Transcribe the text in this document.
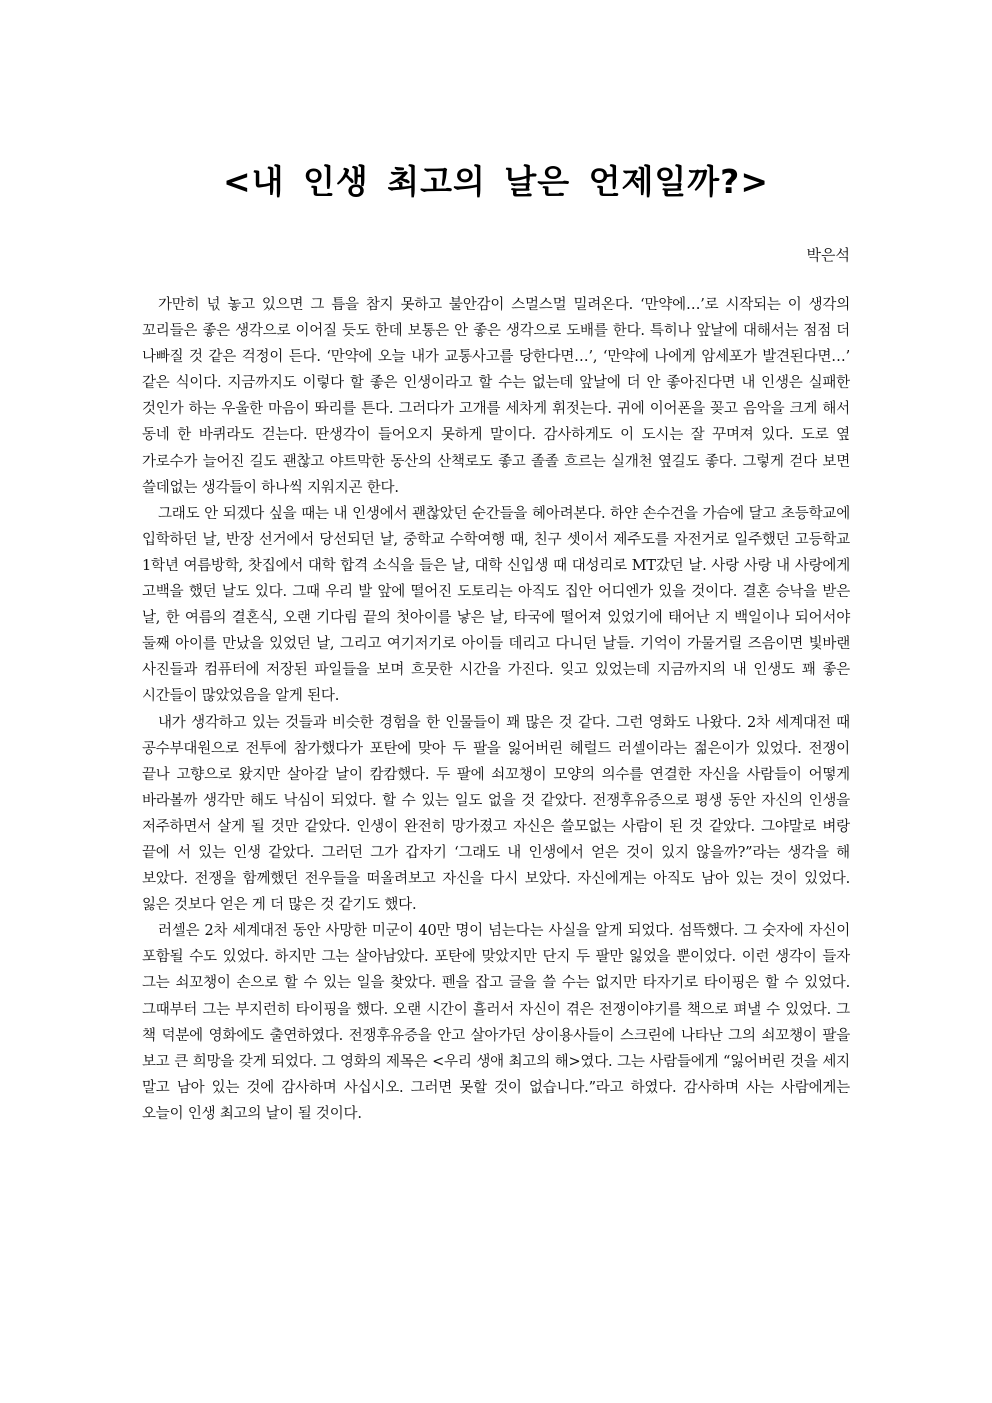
<내 인생 최고의 날은 언제일까?>
박은석

가만히 넋 놓고 있으면 그 틈을 참지 못하고 불안감이 스멀스멀 밀려온다. ‘만약에…’로 시작되는 이 생각의 꼬리들은 좋은 생각으로 이어질 듯도 한데 보통은 안 좋은 생각으로 도배를 한다. 특히나 앞날에 대해서는 점점 더 나빠질 것 같은 걱정이 든다. ‘만약에 오늘 내가 교통사고를 당한다면…’, ‘만약에 나에게 암세포가 발견된다면…’ 같은 식이다. 지금까지도 이렇다 할 좋은 인생이라고 할 수는 없는데 앞날에 더 안 좋아진다면 내 인생은 실패한 것인가 하는 우울한 마음이 똬리를 튼다. 그러다가 고개를 세차게 휘젓는다. 귀에 이어폰을 꽂고 음악을 크게 해서 동네 한 바퀴라도 걷는다. 딴생각이 들어오지 못하게 말이다. 감사하게도 이 도시는 잘 꾸며져 있다. 도로 옆 가로수가 늘어진 길도 괜찮고 야트막한 동산의 산책로도 좋고 졸졸 흐르는 실개천 옆길도 좋다. 그렇게 걷다 보면 쓸데없는 생각들이 하나씩 지워지곤 한다.

그래도 안 되겠다 싶을 때는 내 인생에서 괜찮았던 순간들을 헤아려본다. 하얀 손수건을 가슴에 달고 초등학교에 입학하던 날, 반장 선거에서 당선되던 날, 중학교 수학여행 때, 친구 셋이서 제주도를 자전거로 일주했던 고등학교 1학년 여름방학, 찻집에서 대학 합격 소식을 들은 날, 대학 신입생 때 대성리로 MT갔던 날. 사랑 사랑 내 사랑에게 고백을 했던 날도 있다. 그때 우리 발 앞에 떨어진 도토리는 아직도 집안 어디엔가 있을 것이다. 결혼 승낙을 받은 날, 한 여름의 결혼식, 오랜 기다림 끝의 첫아이를 낳은 날, 타국에 떨어져 있었기에 태어난 지 백일이나 되어서야 둘째 아이를 만났을 있었던 날, 그리고 여기저기로 아이들 데리고 다니던 날들. 기억이 가물거릴 즈음이면 빛바랜 사진들과 컴퓨터에 저장된 파일들을 보며 흐뭇한 시간을 가진다. 잊고 있었는데 지금까지의 내 인생도 꽤 좋은 시간들이 많았었음을 알게 된다.

내가 생각하고 있는 것들과 비슷한 경험을 한 인물들이 꽤 많은 것 같다. 그런 영화도 나왔다. 2차 세계대전 때 공수부대원으로 전투에 참가했다가 포탄에 맞아 두 팔을 잃어버린 헤럴드 러셀이라는 젊은이가 있었다. 전쟁이 끝나 고향으로 왔지만 살아갈 날이 캄캄했다. 두 팔에 쇠꼬챙이 모양의 의수를 연결한 자신을 사람들이 어떻게 바라볼까 생각만 해도 낙심이 되었다. 할 수 있는 일도 없을 것 같았다. 전쟁후유증으로 평생 동안 자신의 인생을 저주하면서 살게 될 것만 같았다. 인생이 완전히 망가졌고 자신은 쓸모없는 사람이 된 것 같았다. 그야말로 벼랑 끝에 서 있는 인생 같았다. 그러던 그가 갑자기 ‘그래도 내 인생에서 얻은 것이 있지 않을까?”라는 생각을 해 보았다. 전쟁을 함께했던 전우들을 떠올려보고 자신을 다시 보았다. 자신에게는 아직도 남아 있는 것이 있었다. 잃은 것보다 얻은 게 더 많은 것 같기도 했다.

러셀은 2차 세계대전 동안 사망한 미군이 40만 명이 넘는다는 사실을 알게 되었다. 섬뜩했다. 그 숫자에 자신이 포함될 수도 있었다. 하지만 그는 살아남았다. 포탄에 맞았지만 단지 두 팔만 잃었을 뿐이었다. 이런 생각이 들자 그는 쇠꼬챙이 손으로 할 수 있는 일을 찾았다. 펜을 잡고 글을 쓸 수는 없지만 타자기로 타이핑은 할 수 있었다. 그때부터 그는 부지런히 타이핑을 했다. 오랜 시간이 흘러서 자신이 겪은 전쟁이야기를 책으로 펴낼 수 있었다. 그 책 덕분에 영화에도 출연하였다. 전쟁후유증을 안고 살아가던 상이용사들이 스크린에 나타난 그의 쇠꼬챙이 팔을 보고 큰 희망을 갖게 되었다. 그 영화의 제목은 <우리 생애 최고의 해>였다. 그는 사람들에게 “잃어버린 것을 세지 말고 남아 있는 것에 감사하며 사십시오. 그러면 못할 것이 없습니다.”라고 하였다. 감사하며 사는 사람에게는 오늘이 인생 최고의 날이 될 것이다.
